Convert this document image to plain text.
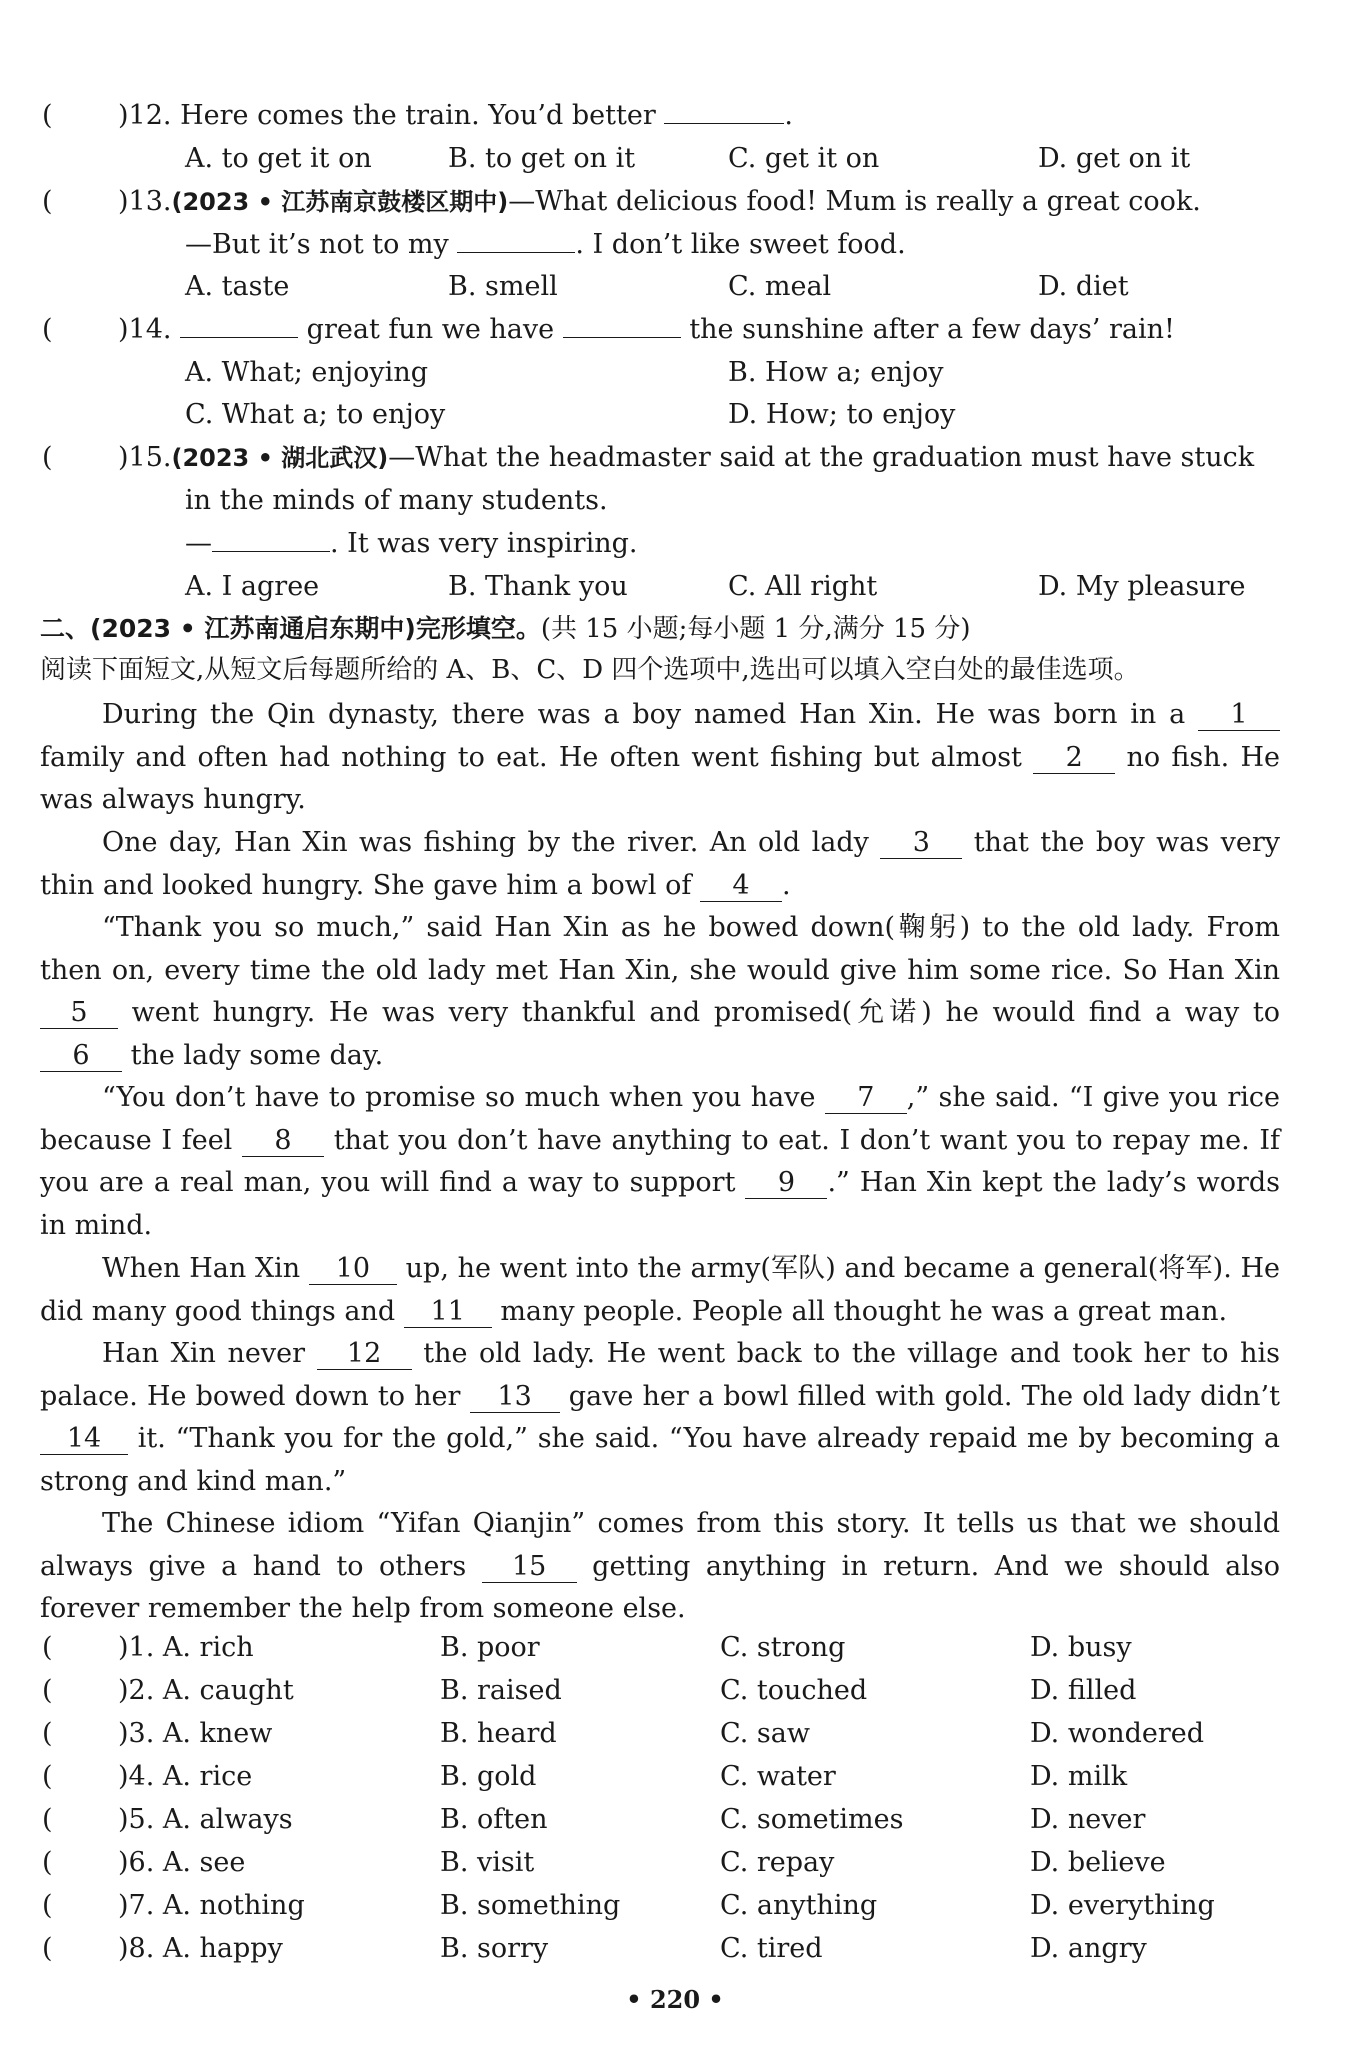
( )12. Here comes the train. You’d better	.
A. to get it on	B. to get on it	C. get it on	D. get on it
( )13.(2023 • 江苏南京鼓楼区期中)—What delicious food! Mum is really a great cook.
—But it’s not to my	. I don’t like sweet food.
A. taste	B. smell	C. meal	D. diet
( )14.	great fun we have	the sunshine after a few days’ rain!
A. What; enjoying	B. How a; enjoy
C. What a; to enjoy	D. How; to enjoy
( )15.(2023 • 湖北武汉)—What the headmaster said at the graduation must have stuck
in the minds of many students.
—	. It was very inspiring.
A. I agree	B. Thank you	C. All right	D. My pleasure
二、(2023 • 江苏南通启东期中)完形填空。(共 15 小题;每小题 1 分,满分 15 分)
阅读下面短文,从短文后每题所给的 A、B、C、D 四个选项中,选出可以填入空白处的最佳选项。
During the Qin dynasty, there was a boy named Han Xin. He was born in a 1 family and often had nothing to eat. He often went fishing but almost 2 no fish. He was always hungry.
One day, Han Xin was fishing by the river. An old lady 3 that the boy was very thin and looked hungry. She gave him a bowl of 4 .
“Thank you so much,” said Han Xin as he bowed down(鞠躬) to the old lady. From then on, every time the old lady met Han Xin, she would give him some rice. So Han Xin 5 went hungry. He was very thankful and promised(允诺) he would find a way to 6 the lady some day.
“You don’t have to promise so much when you have 7 ,” she said. “I give you rice because I feel 8 that you don’t have anything to eat. I don’t want you to repay me. If you are a real man, you will find a way to support 9 .” Han Xin kept the lady’s words in mind.
When Han Xin 10 up, he went into the army(军队) and became a general(将军). He did many good things and 11 many people. People all thought he was a great man.
Han Xin never 12 the old lady. He went back to the village and took her to his palace. He bowed down to her 13 gave her a bowl filled with gold. The old lady didn’t 14 it. “Thank you for the gold,” she said. “You have already repaid me by becoming a strong and kind man.”
The Chinese idiom “Yifan Qianjin” comes from this story. It tells us that we should always give a hand to others 15 getting anything in return. And we should also forever remember the help from someone else.
( )1. A. rich	B. poor	C. strong	D. busy
( )2. A. caught	B. raised	C. touched	D. filled
( )3. A. knew	B. heard	C. saw	D. wondered
( )4. A. rice	B. gold	C. water	D. milk
( )5. A. always	B. often	C. sometimes	D. never
( )6. A. see	B. visit	C. repay	D. believe
( )7. A. nothing	B. something	C. anything	D. everything
( )8. A. happy	B. sorry	C. tired	D. angry
• 220 •
